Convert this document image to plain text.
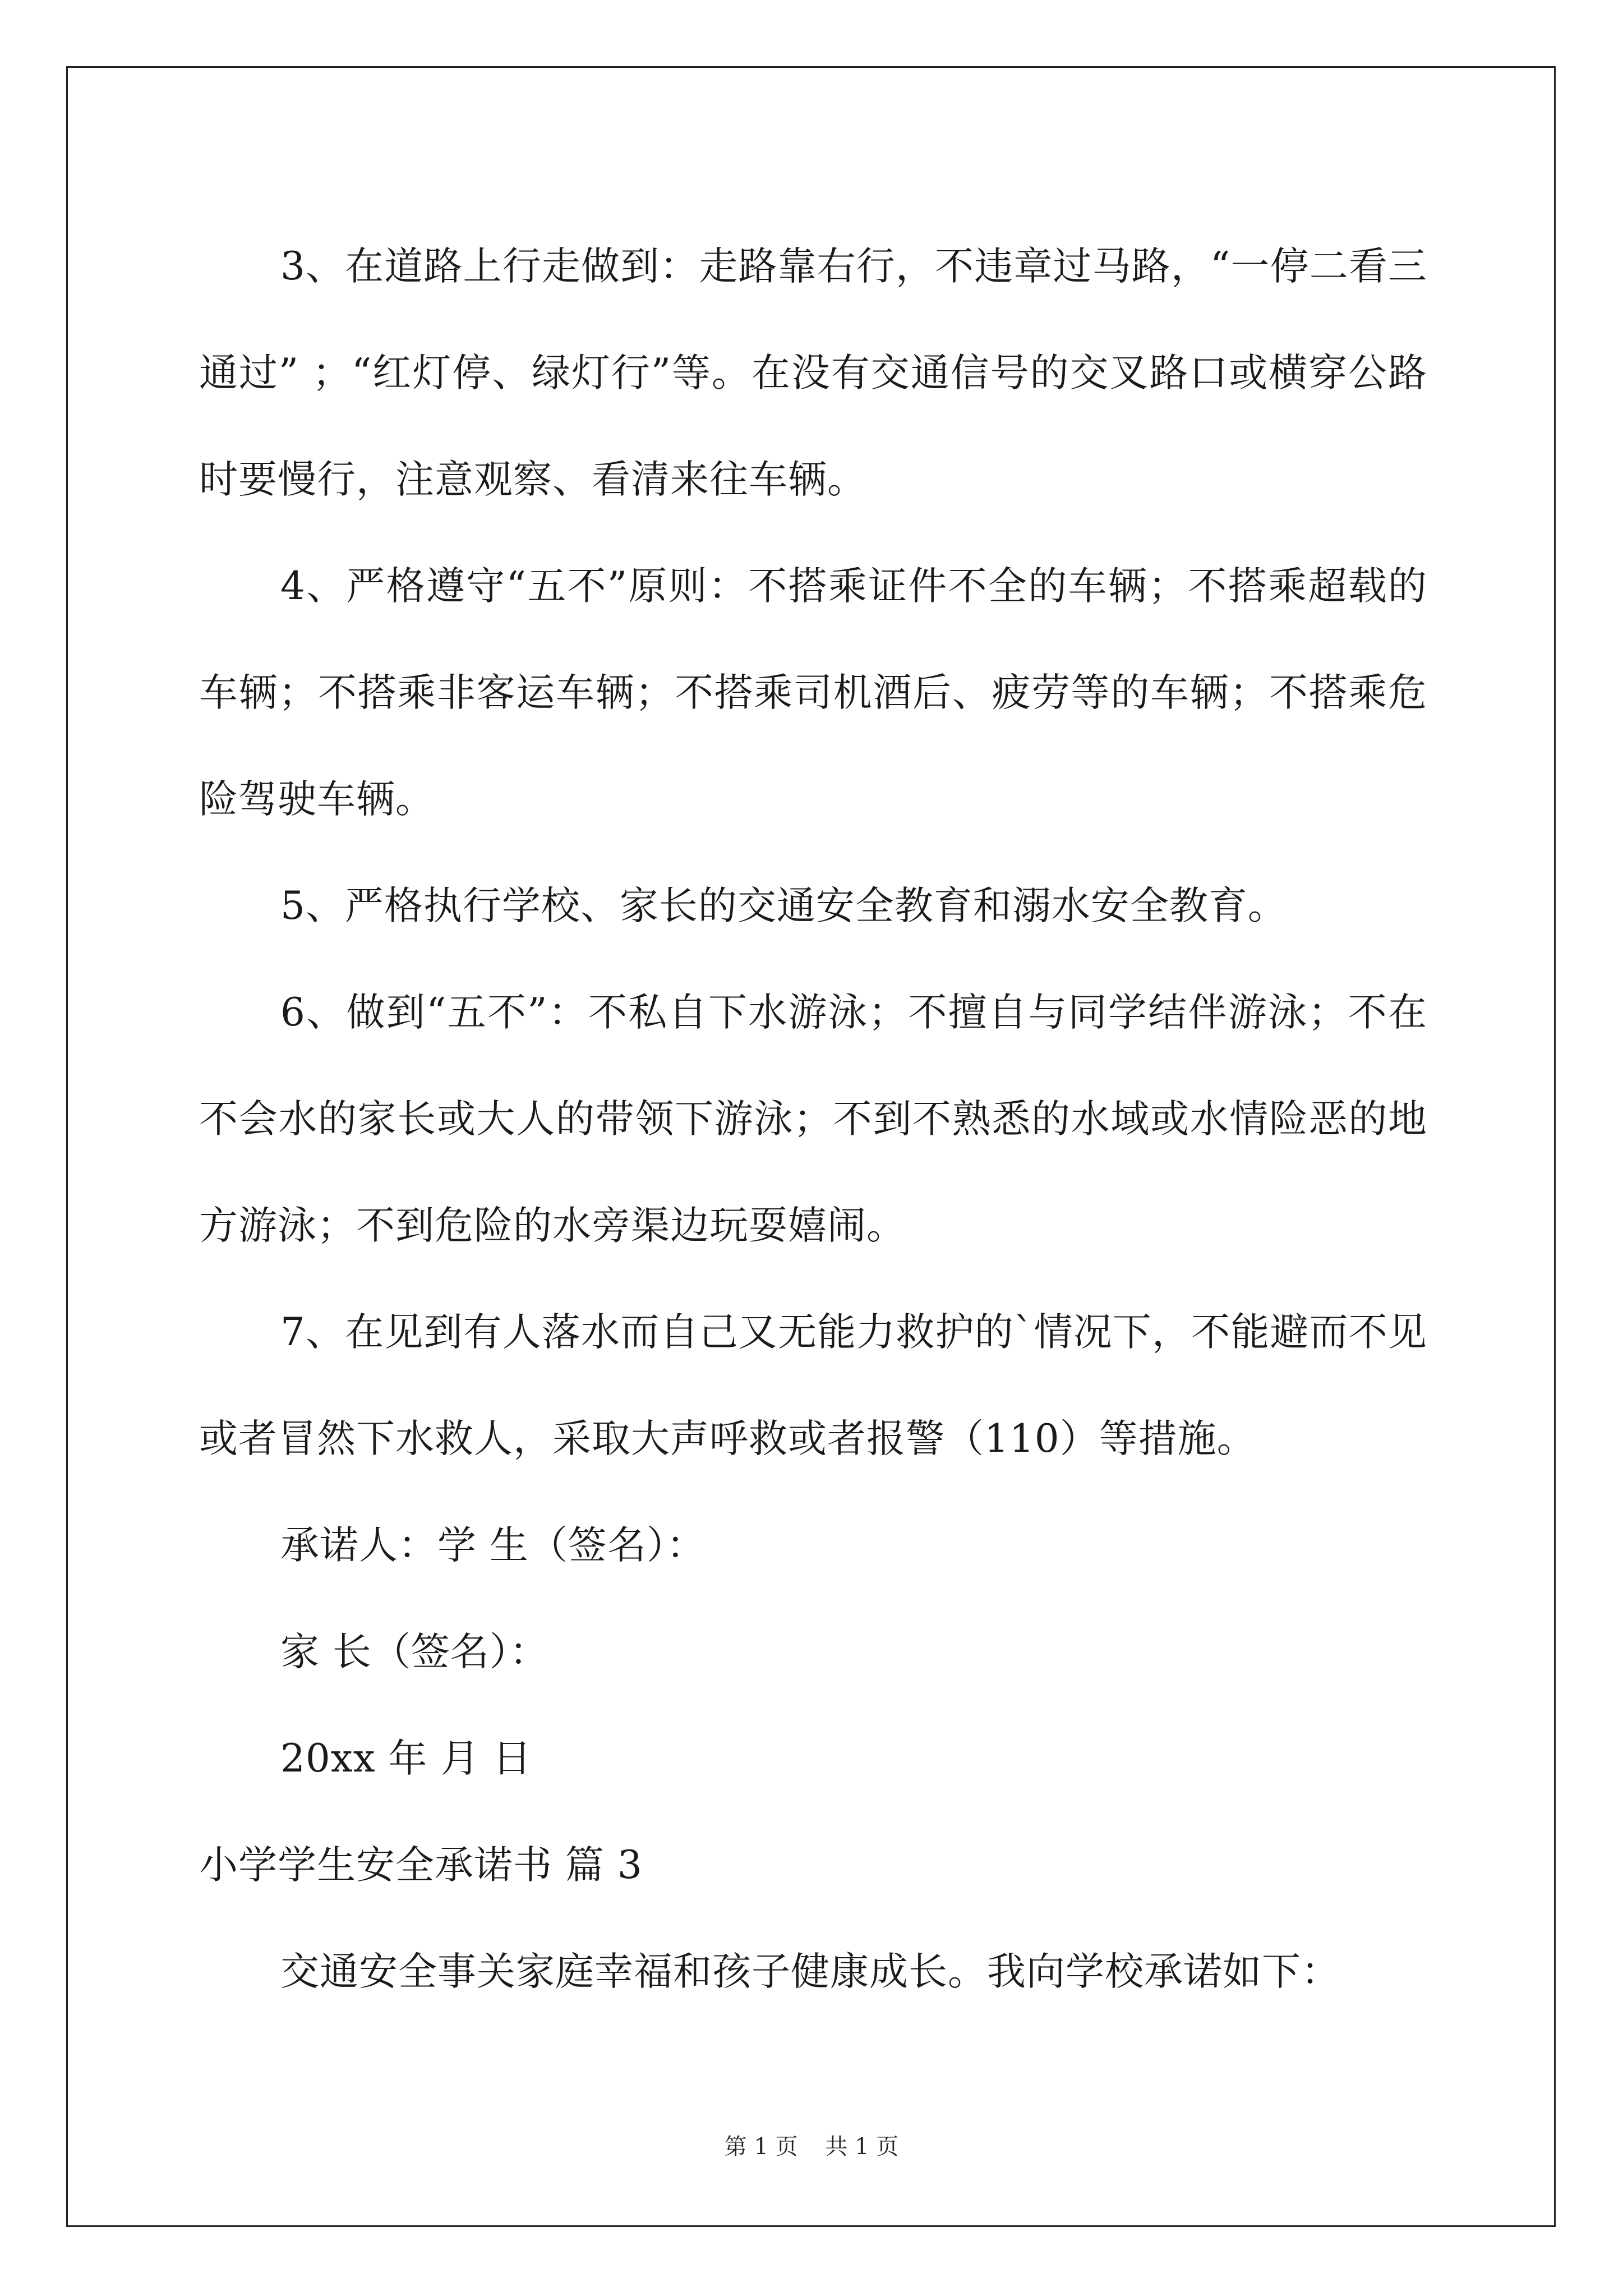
3、在道路上行走做到：走路靠右行，不违章过马路，“一停二看三通过” ；“红灯停、绿灯行”等。在没有交通信号的交叉路口或横穿公路时要慢行，注意观察、看清来往车辆。

4、严格遵守“五不”原则：不搭乘证件不全的车辆；不搭乘超载的车辆；不搭乘非客运车辆；不搭乘司机酒后、疲劳等的车辆；不搭乘危险驾驶车辆。

5、严格执行学校、家长的交通安全教育和溺水安全教育。

6、做到“五不”：不私自下水游泳；不擅自与同学结伴游泳；不在不会水的家长或大人的带领下游泳；不到不熟悉的水域或水情险恶的地方游泳；不到危险的水旁渠边玩耍嬉闹。

7、在见到有人落水而自己又无能力救护的`情况下，不能避而不见或者冒然下水救人，采取大声呼救或者报警（110）等措施。

承诺人：学 生（签名）：

家 长（签名）：

20xx 年 月 日

小学学生安全承诺书 篇 3

交通安全事关家庭幸福和孩子健康成长。我向学校承诺如下：

第 1 页 共 1 页
